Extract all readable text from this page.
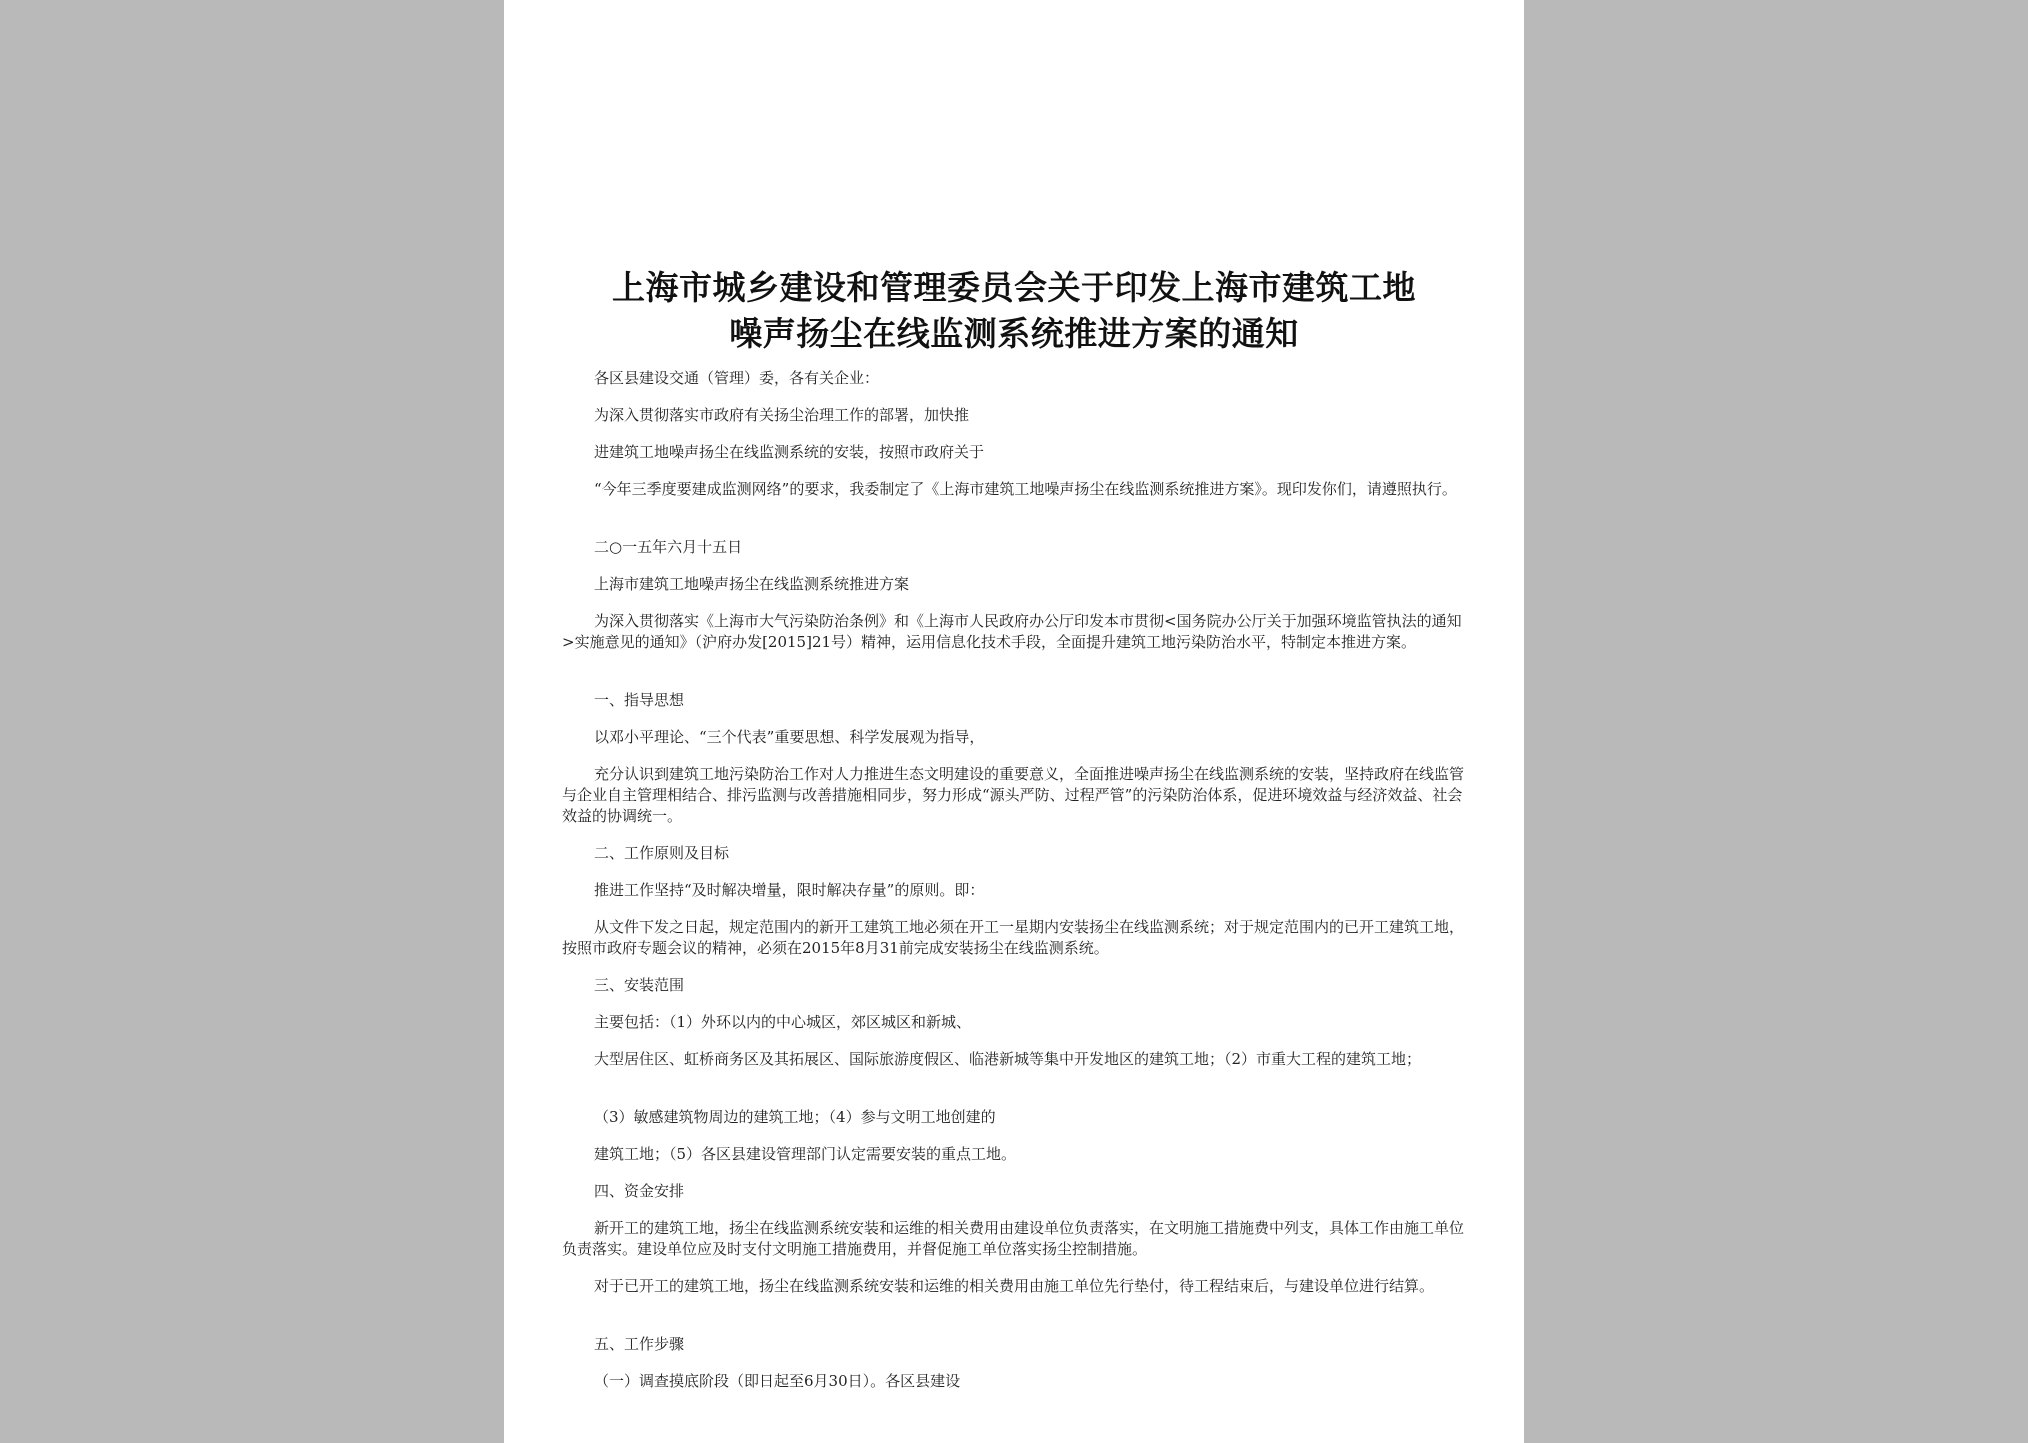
上海市城乡建设和管理委员会关于印发上海市建筑工地
噪声扬尘在线监测系统推进方案的通知
各区县建设交通（管理）委，各有关企业：
为深入贯彻落实市政府有关扬尘治理工作的部署，加快推
进建筑工地噪声扬尘在线监测系统的安装，按照市政府关于
“今年三季度要建成监测网络”的要求，我委制定了《上海市建筑工地噪声扬尘在线监测系统推进方案》。现印发你们，请遵照执行。
二○一五年六月十五日
上海市建筑工地噪声扬尘在线监测系统推进方案
为深入贯彻落实《上海市大气污染防治条例》和《上海市人民政府办公厅印发本市贯彻<国务院办公厅关于加强环境监管执法的通知>实施意见的通知》（沪府办发[2015]21号）精神，运用信息化技术手段，全面提升建筑工地污染防治水平，特制定本推进方案。
一、指导思想
以邓小平理论、“三个代表”重要思想、科学发展观为指导，
充分认识到建筑工地污染防治工作对人力推进生态文明建设的重要意义，全面推进噪声扬尘在线监测系统的安装，坚持政府在线监管与企业自主管理相结合、排污监测与改善措施相同步，努力形成“源头严防、过程严管”的污染防治体系，促进环境效益与经济效益、社会效益的协调统一。
二、工作原则及目标
推进工作坚持“及时解决增量，限时解决存量”的原则。即：
从文件下发之日起，规定范围内的新开工建筑工地必须在开工一星期内安装扬尘在线监测系统；对于规定范围内的已开工建筑工地，按照市政府专题会议的精神，必须在2015年8月31前完成安装扬尘在线监测系统。
三、安装范围
主要包括：（1）外环以内的中心城区，郊区城区和新城、
大型居住区、虹桥商务区及其拓展区、国际旅游度假区、临港新城等集中开发地区的建筑工地；（2）市重大工程的建筑工地；
（3）敏感建筑物周边的建筑工地；（4）参与文明工地创建的
建筑工地；（5）各区县建设管理部门认定需要安装的重点工地。
四、资金安排
新开工的建筑工地，扬尘在线监测系统安装和运维的相关费用由建设单位负责落实，在文明施工措施费中列支，具体工作由施工单位负责落实。建设单位应及时支付文明施工措施费用，并督促施工单位落实扬尘控制措施。
对于已开工的建筑工地，扬尘在线监测系统安装和运维的相关费用由施工单位先行垫付，待工程结束后，与建设单位进行结算。
五、工作步骤
（一）调查摸底阶段（即日起至6月30日）。各区县建设
